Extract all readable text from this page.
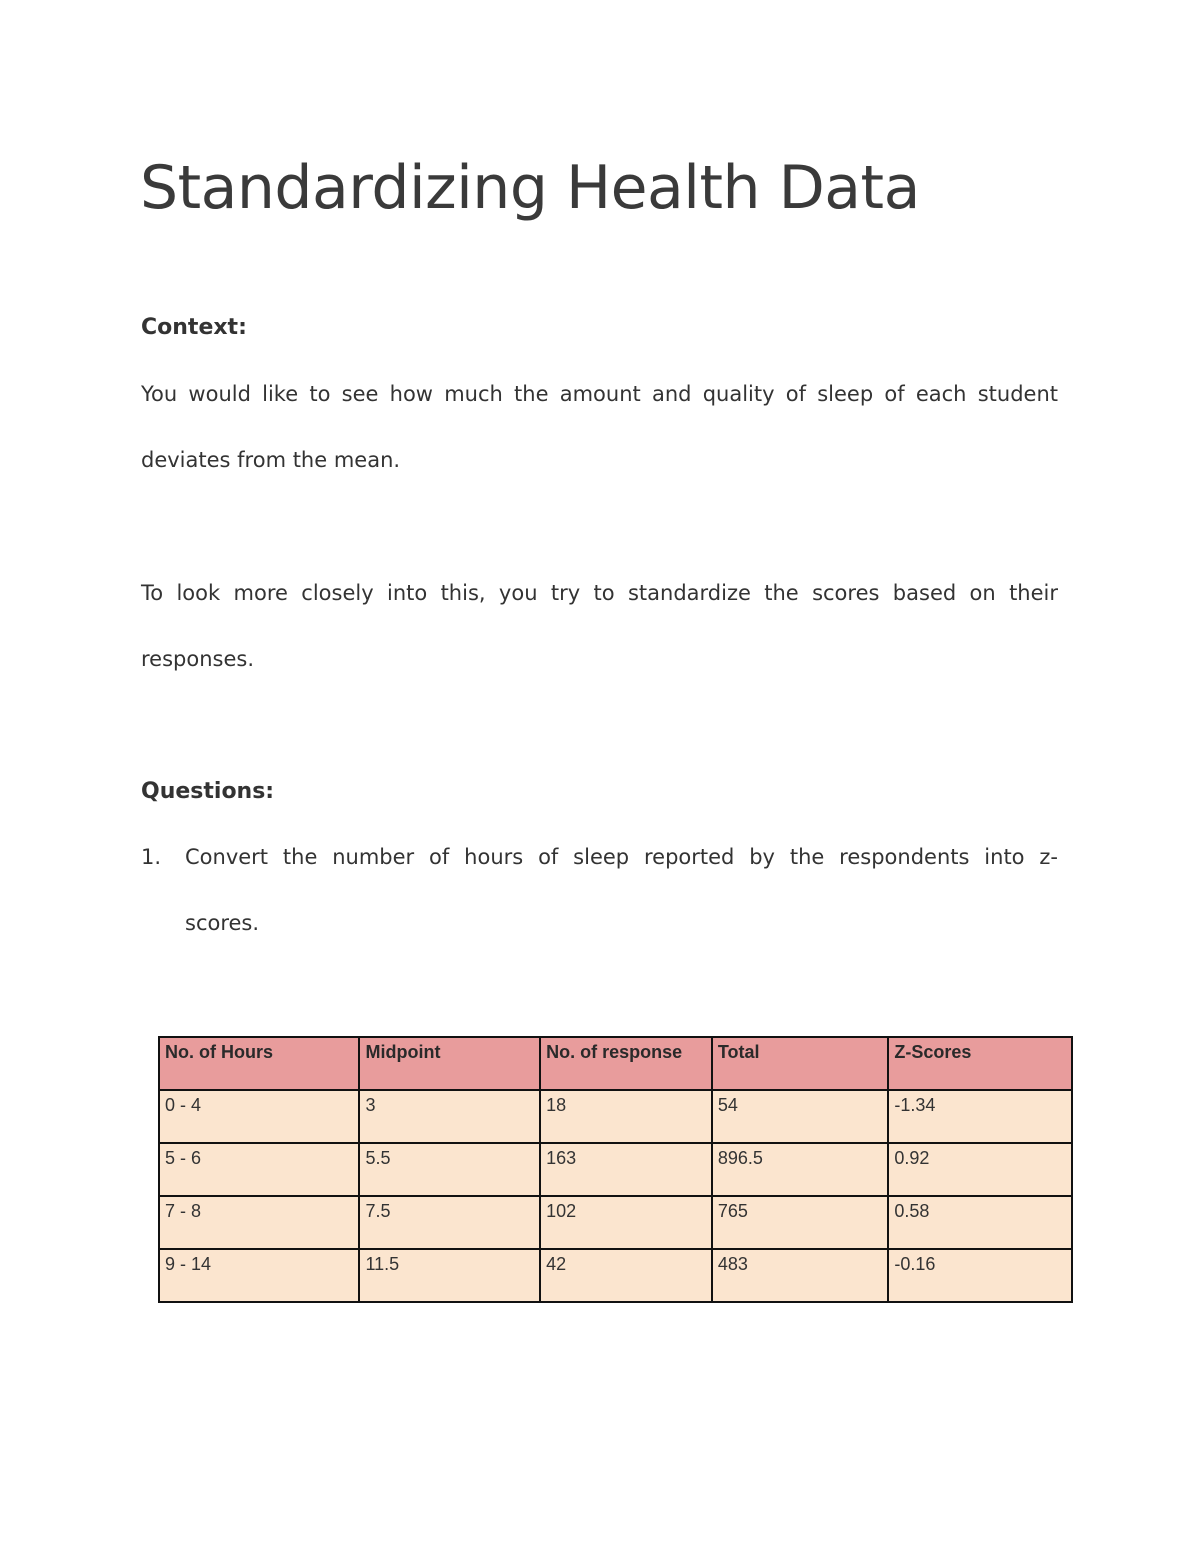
Standardizing Health Data
Context:
You would like to see how much the amount and quality of sleep of each student deviates from the mean.
To look more closely into this, you try to standardize the scores based on their responses.
Questions:
1. Convert the number of hours of sleep reported by the respondents into z-scores.
No. of Hours	Midpoint	No. of response	Total	Z-Scores
0 - 4	3	18	54	-1.34
5 - 6	5.5	163	896.5	0.92
7 - 8	7.5	102	765	0.58
9 - 14	11.5	42	483	-0.16
